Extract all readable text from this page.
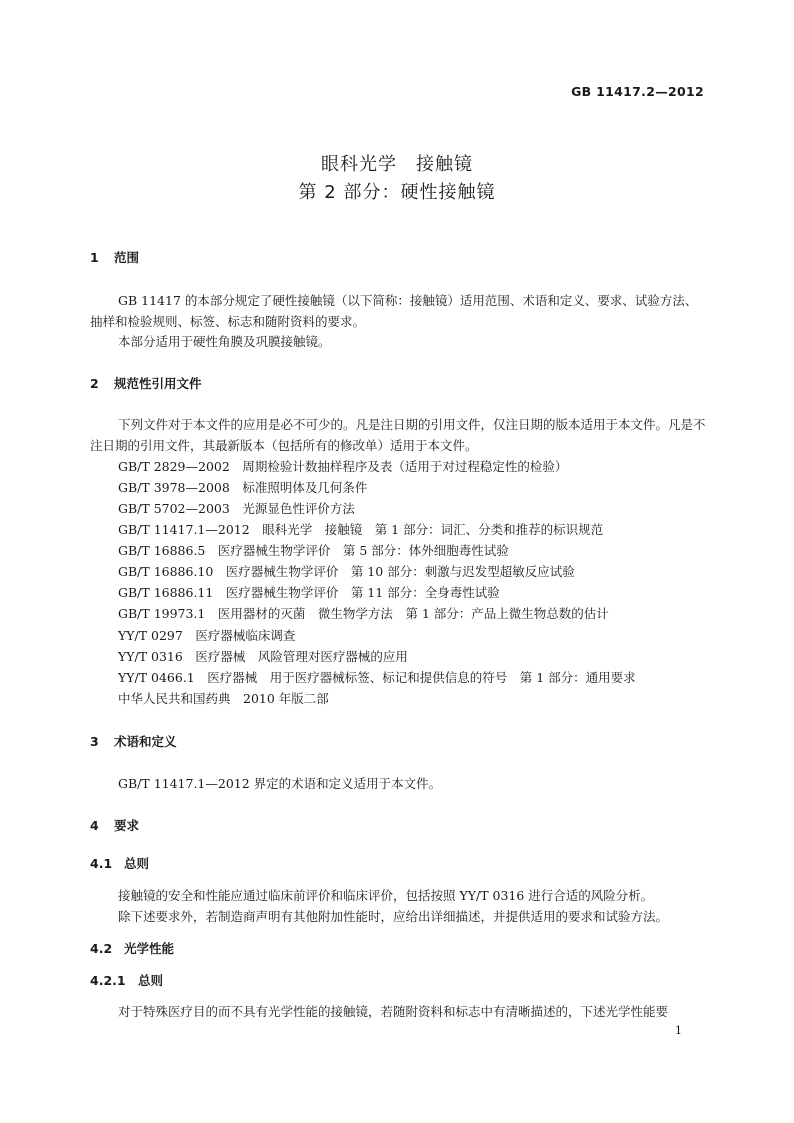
GB 11417.2—2012
眼科光学　接触镜
第 2 部分：硬性接触镜
1 范围
GB 11417 的本部分规定了硬性接触镜（以下简称：接触镜）适用范围、术语和定义、要求、试验方法、抽样和检验规则、标签、标志和随附资料的要求。
本部分适用于硬性角膜及巩膜接触镜。
2 规范性引用文件
下列文件对于本文件的应用是必不可少的。凡是注日期的引用文件，仅注日期的版本适用于本文件。凡是不注日期的引用文件，其最新版本（包括所有的修改单）适用于本文件。
GB/T 2829—2002　周期检验计数抽样程序及表（适用于对过程稳定性的检验）
GB/T 3978—2008　标准照明体及几何条件
GB/T 5702—2003　光源显色性评价方法
GB/T 11417.1—2012　眼科光学　接触镜　第 1 部分：词汇、分类和推荐的标识规范
GB/T 16886.5　医疗器械生物学评价　第 5 部分：体外细胞毒性试验
GB/T 16886.10　医疗器械生物学评价　第 10 部分：刺激与迟发型超敏反应试验
GB/T 16886.11　医疗器械生物学评价　第 11 部分：全身毒性试验
GB/T 19973.1　医用器材的灭菌　微生物学方法　第 1 部分：产品上微生物总数的估计
YY/T 0297　医疗器械临床调查
YY/T 0316　医疗器械　风险管理对医疗器械的应用
YY/T 0466.1　医疗器械　用于医疗器械标签、标记和提供信息的符号　第 1 部分：通用要求
中华人民共和国药典　2010 年版二部
3 术语和定义
GB/T 11417.1—2012 界定的术语和定义适用于本文件。
4 要求
4.1 总则
接触镜的安全和性能应通过临床前评价和临床评价，包括按照 YY/T 0316 进行合适的风险分析。
除下述要求外，若制造商声明有其他附加性能时，应给出详细描述，并提供适用的要求和试验方法。
4.2 光学性能
4.2.1 总则
对于特殊医疗目的而不具有光学性能的接触镜，若随附资料和标志中有清晰描述的，下述光学性能要
1
